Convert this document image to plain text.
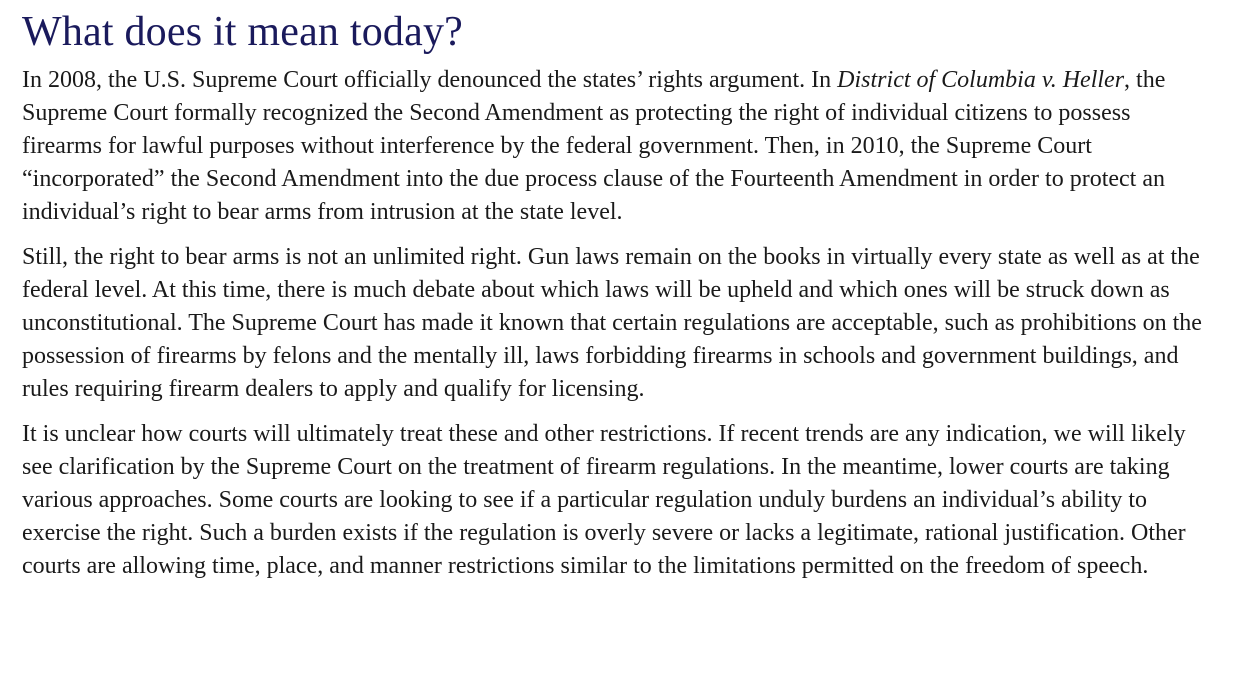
What does it mean today?

In 2008, the U.S. Supreme Court officially denounced the states’ rights argument. In District of Columbia v. Heller, the Supreme Court formally recognized the Second Amendment as protecting the right of individual citizens to possess firearms for lawful purposes without interference by the federal government. Then, in 2010, the Supreme Court “incorporated” the Second Amendment into the due process clause of the Fourteenth Amendment in order to protect an individual’s right to bear arms from intrusion at the state level.

Still, the right to bear arms is not an unlimited right. Gun laws remain on the books in virtually every state as well as at the federal level. At this time, there is much debate about which laws will be upheld and which ones will be struck down as unconstitutional. The Supreme Court has made it known that certain regulations are acceptable, such as prohibitions on the possession of firearms by felons and the mentally ill, laws forbidding firearms in schools and government buildings, and rules requiring firearm dealers to apply and qualify for licensing.

It is unclear how courts will ultimately treat these and other restrictions. If recent trends are any indication, we will likely see clarification by the Supreme Court on the treatment of firearm regulations. In the meantime, lower courts are taking various approaches. Some courts are looking to see if a particular regulation unduly burdens an individual’s ability to exercise the right. Such a burden exists if the regulation is overly severe or lacks a legitimate, rational justification. Other courts are allowing time, place, and manner restrictions similar to the limitations permitted on the freedom of speech.
